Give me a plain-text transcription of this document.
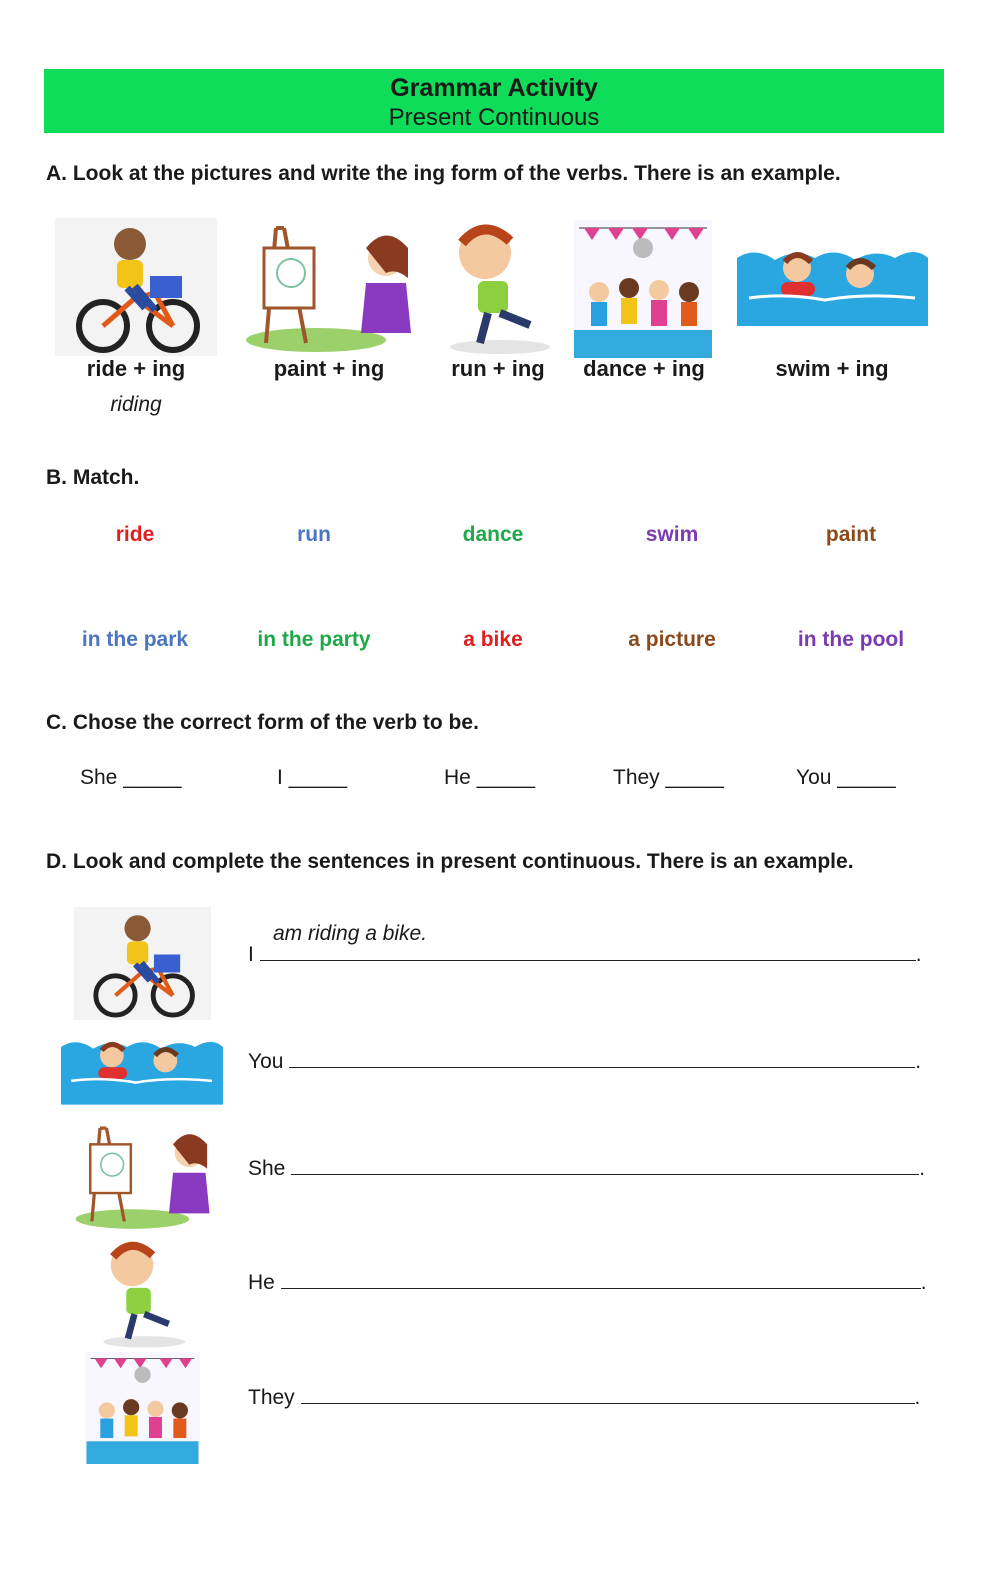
Grammar Activity
Present Continuous
A. Look at the pictures and write the ing form of the verbs. There is an example.
ride + ing	paint + ing	run + ing	dance + ing	swim + ing
riding
B. Match.
ride	run	dance	swim	paint
in the park	in the party	a bike	a picture	in the pool
C. Chose the correct form of the verb to be.
She _____	I _____	He _____	They _____	You _____
D. Look and complete the sentences in present continuous. There is an example.
am riding a bike.
I	.
You	.
She	.
He	.
They	.
